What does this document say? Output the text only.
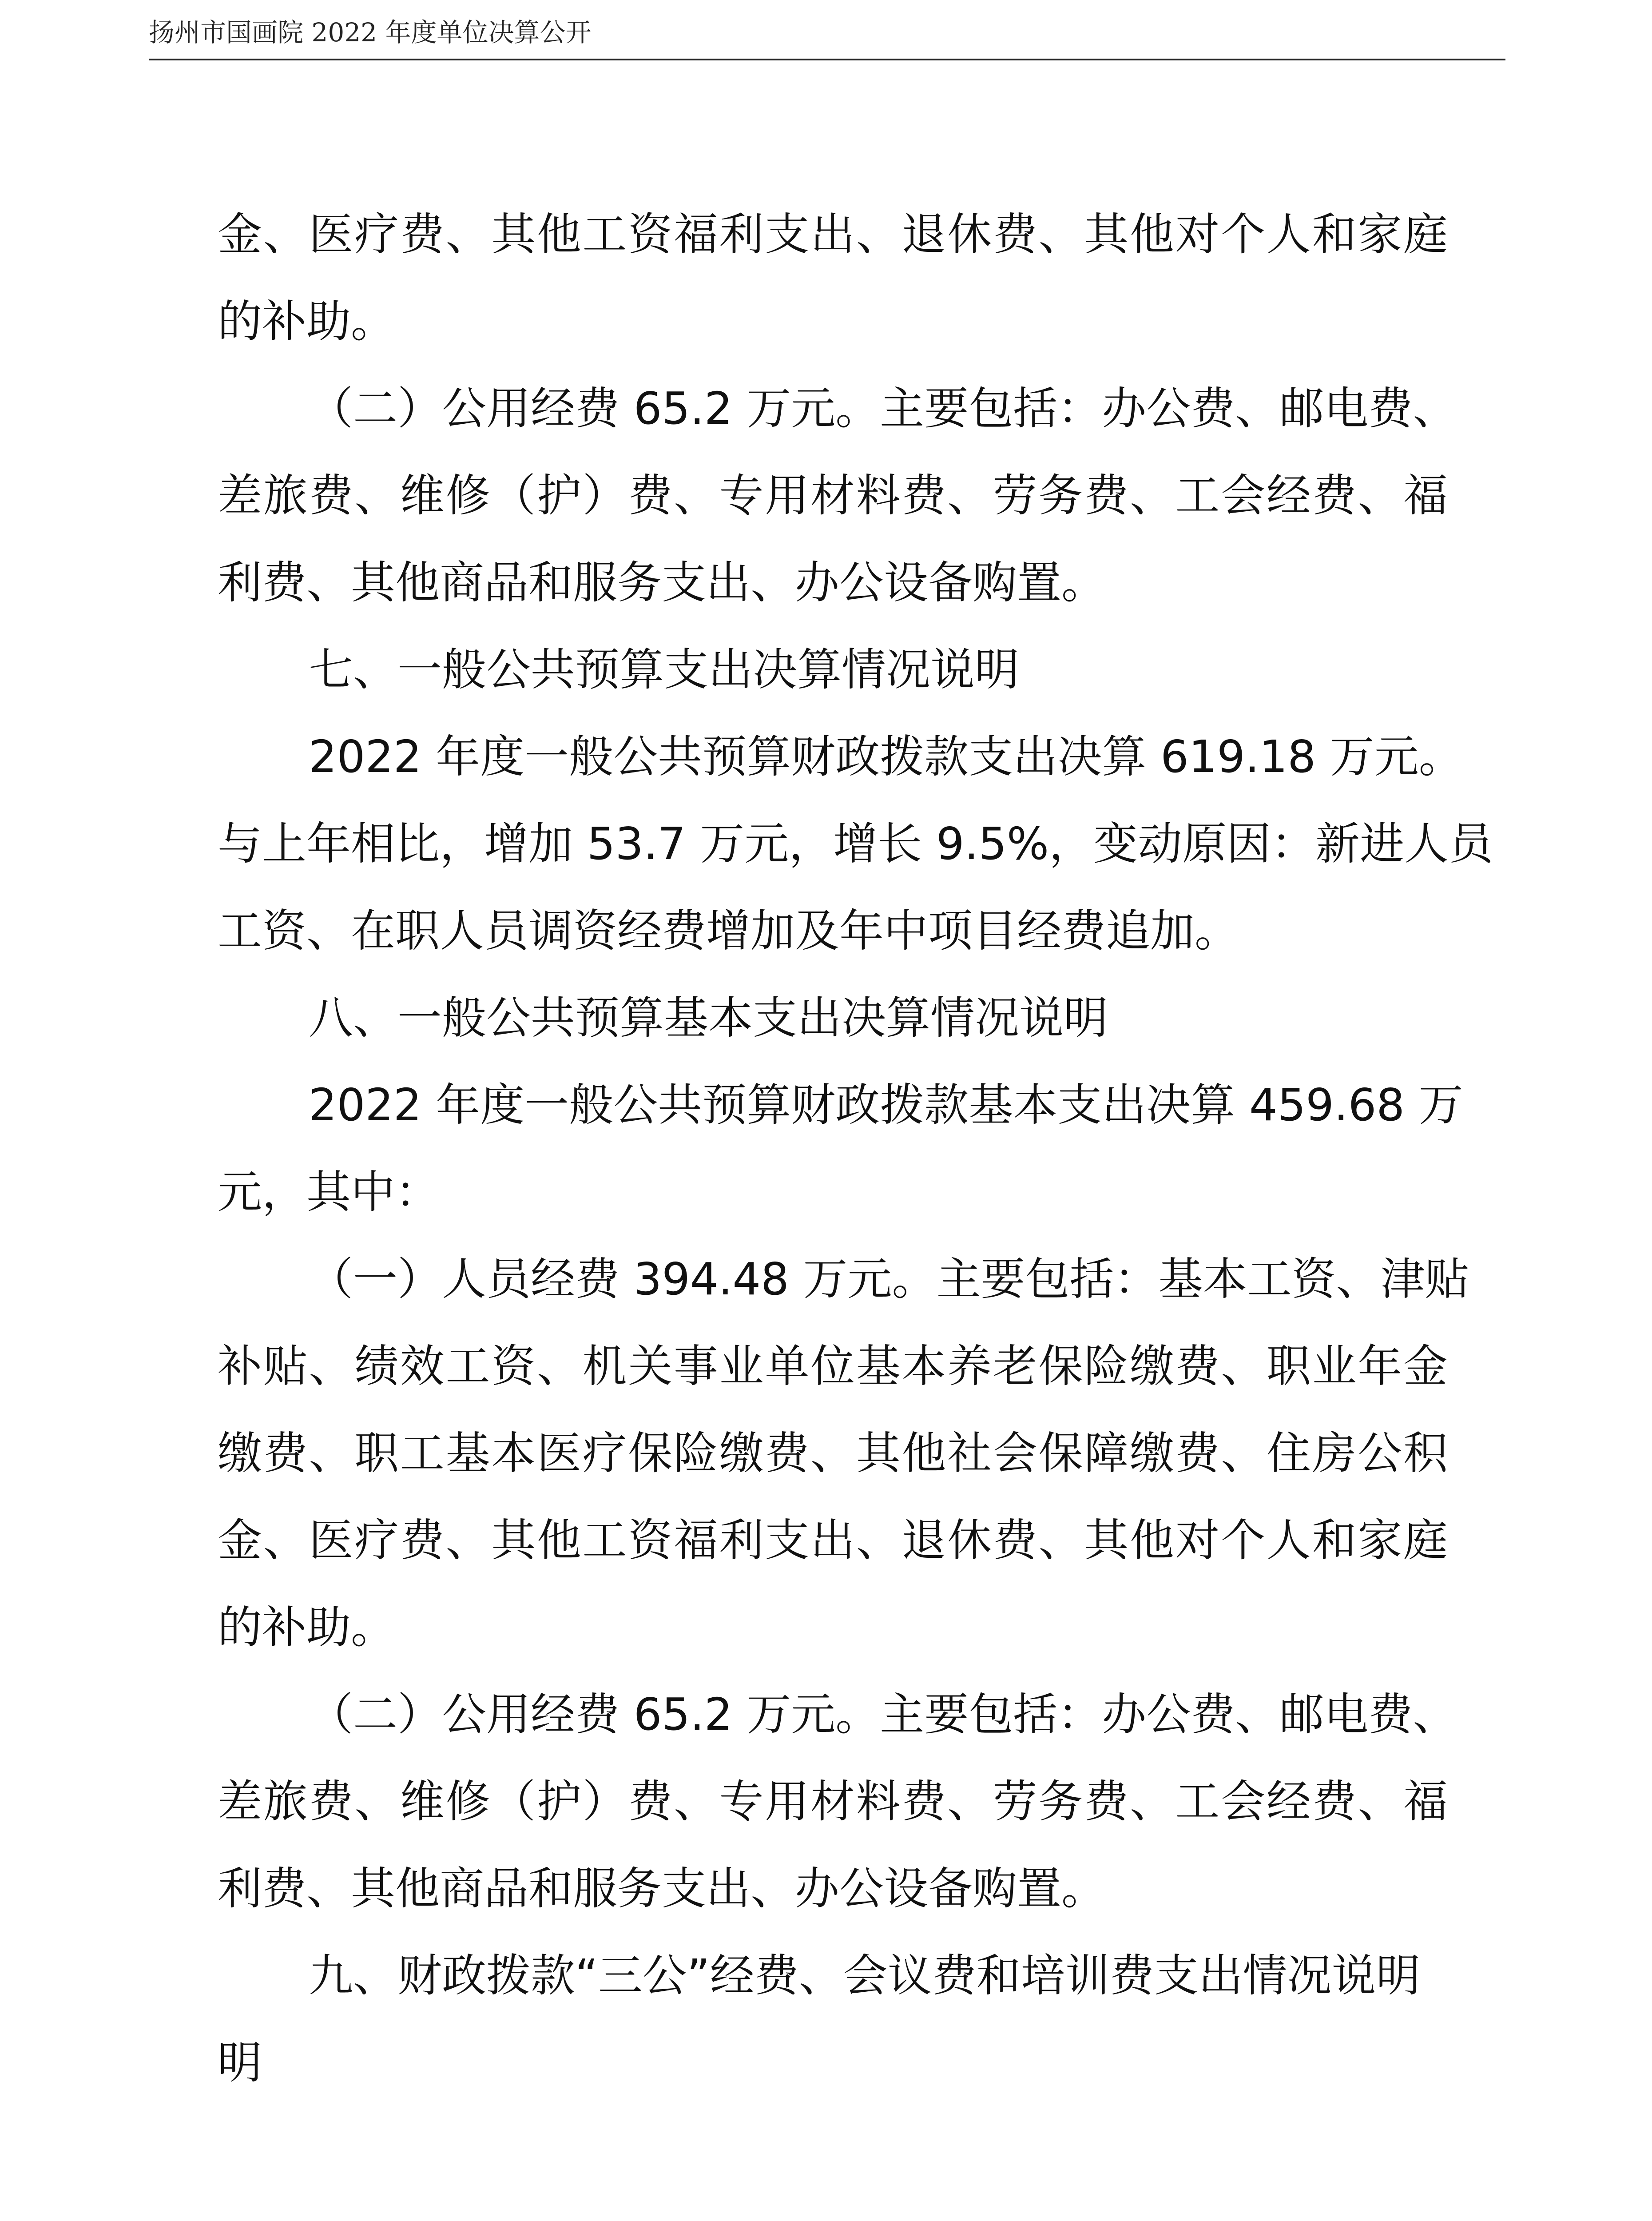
扬州市国画院 2022 年度单位决算公开
金、医疗费、其他工资福利支出、退休费、其他对个人和家庭
的补助。
（二）公用经费 65.2 万元。主要包括：办公费、邮电费、
差旅费、维修（护）费、专用材料费、劳务费、工会经费、福
利费、其他商品和服务支出、办公设备购置。
七、一般公共预算支出决算情况说明
2022 年度一般公共预算财政拨款支出决算 619.18 万元。
与上年相比，增加 53.7 万元，增长 9.5%，变动原因：新进人员
工资、在职人员调资经费增加及年中项目经费追加。
八、一般公共预算基本支出决算情况说明
2022 年度一般公共预算财政拨款基本支出决算 459.68 万
元，其中：
（一）人员经费 394.48 万元。主要包括：基本工资、津贴
补贴、绩效工资、机关事业单位基本养老保险缴费、职业年金
缴费、职工基本医疗保险缴费、其他社会保障缴费、住房公积
金、医疗费、其他工资福利支出、退休费、其他对个人和家庭
的补助。
（二）公用经费 65.2 万元。主要包括：办公费、邮电费、
差旅费、维修（护）费、专用材料费、劳务费、工会经费、福
利费、其他商品和服务支出、办公设备购置。
九、财政拨款“三公”经费、会议费和培训费支出情况说明
明
